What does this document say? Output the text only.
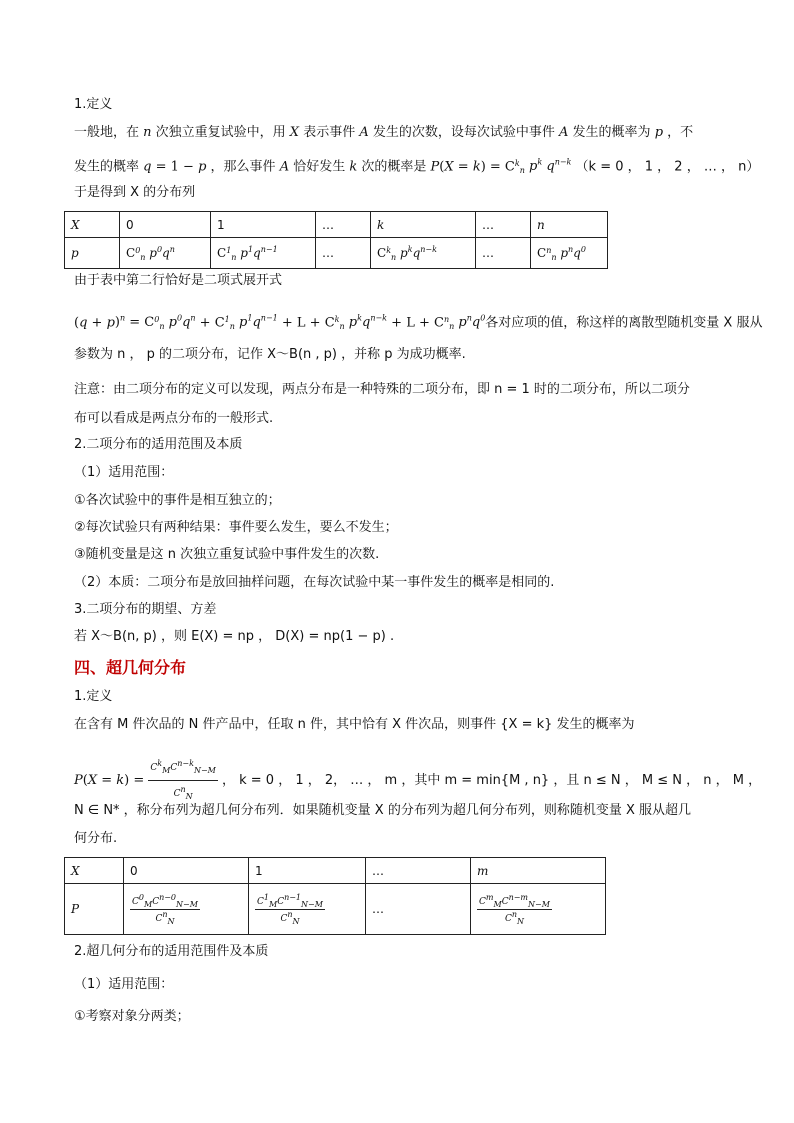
1.定义
一般地，在 n 次独立重复试验中，用 X 表示事件 A 发生的次数，设每次试验中事件 A 发生的概率为 p ，不
发生的概率 q = 1 − p ，那么事件 A 恰好发生 k 次的概率是 P(X = k) = Ckn $p^k$ $q^{n-k}$ （k = 0 ， 1 ， 2 ， … ， n）
于是得到 X 的分布列
X	0	1	…	k	…	n
p	C0n $p^0q^n$	C1n $p^1q^{n-1}$	…	Ckn $p^kq^{n-k}$	…	Cnn $p^nq^0$
由于表中第二行恰好是二项式展开式
$(q + p)^n = C0n$ $p^0q^n + C1n$ $p^1q^{n-1} + L$ + Ckn $p^kq^{n-k} + L$ + Cnn $p^nq^0$各对应项的值，称这样的离散型随机变量 X 服从
参数为 n ， p 的二项分布，记作 X～B(n , p) ，并称 p 为成功概率.
注意：由二项分布的定义可以发现，两点分布是一种特殊的二项分布，即 n = 1 时的二项分布，所以二项分
布可以看成是两点分布的一般形式.
2.二项分布的适用范围及本质
（1）适用范围：
①各次试验中的事件是相互独立的；
②每次试验只有两种结果：事件要么发生，要么不发生；
③随机变量是这 n 次独立重复试验中事件发生的次数.
（2）本质：二项分布是放回抽样问题，在每次试验中某一事件发生的概率是相同的.
3.二项分布的期望、方差
若 X～B(n, p) ，则 E(X) = np ， D(X) = np(1 − p) .
四、超几何分布
1.定义
在含有 M 件次品的 N 件产品中，任取 n 件，其中恰有 X 件次品，则事件 {X = k} 发生的概率为
$P(X = k) = \frac{\text{CkMCn−kN−M}}{\text{CnN}}$ ， k = 0 ， 1 ， 2， … ， m ，其中 m = min{M , n} ，且 n ≤ N ， M ≤ N ， n ， M ，
N ∈ N* ，称分布列为超几何分布列．如果随机变量 X 的分布列为超几何分布列，则称随机变量 X 服从超几
何分布.
X	0	1	…	m
P	$\frac{\text{C0MCn−0N−M}}{\text{CnN}}$	$\frac{\text{C1MCn−1N−M}}{\text{CnN}}$	…	$\frac{\text{CmMCn−mN−M}}{\text{CnN}}$
2.超几何分布的适用范围件及本质
（1）适用范围：
①考察对象分两类；
